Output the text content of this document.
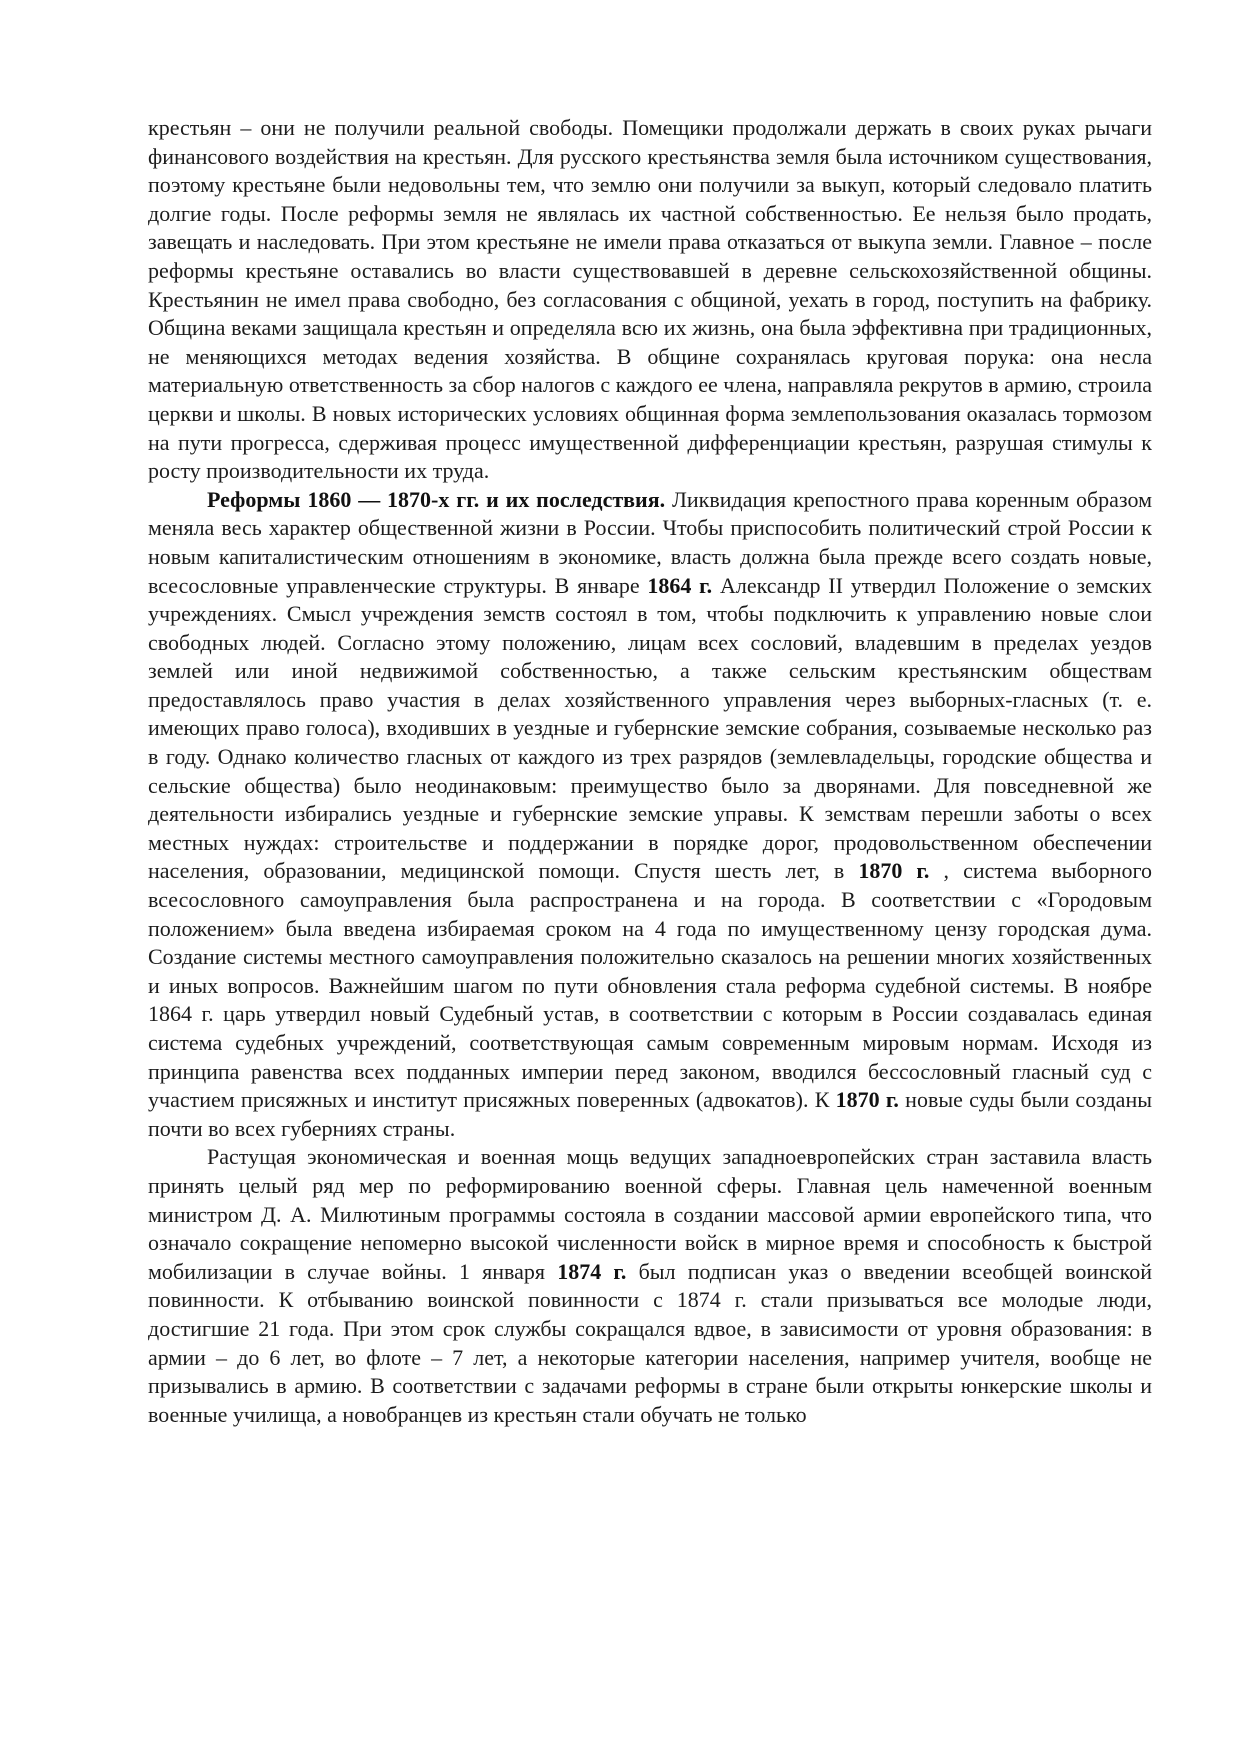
крестьян – они не получили реальной свободы. Помещики продолжали держать в своих руках рычаги финансового воздействия на крестьян. Для русского крестьянства земля была источником существования, поэтому крестьяне были недовольны тем, что землю они получили за выкуп, который следовало платить долгие годы. После реформы земля не являлась их частной собственностью. Ее нельзя было продать, завещать и наследовать. При этом крестьяне не имели права отказаться от выкупа земли. Главное – после реформы крестьяне оставались во власти существовавшей в деревне сельскохозяйственной общины. Крестьянин не имел права свободно, без согласования с общиной, уехать в город, поступить на фабрику. Община веками защищала крестьян и определяла всю их жизнь, она была эффективна при традиционных, не меняющихся методах ведения хозяйства. В общине сохранялась круговая порука: она несла материальную ответственность за сбор налогов с каждого ее члена, направляла рекрутов в армию, строила церкви и школы. В новых исторических условиях общинная форма землепользования оказалась тормозом на пути прогресса, сдерживая процесс имущественной дифференциации крестьян, разрушая стимулы к росту производительности их труда.

Реформы 1860 — 1870-х гг. и их последствия. Ликвидация крепостного права коренным образом меняла весь характер общественной жизни в России. Чтобы приспособить политический строй России к новым капиталистическим отношениям в экономике, власть должна была прежде всего создать новые, всесословные управленческие структуры. В январе 1864 г. Александр II утвердил Положение о земских учреждениях. Смысл учреждения земств состоял в том, чтобы подключить к управлению новые слои свободных людей. Согласно этому положению, лицам всех сословий, владевшим в пределах уездов землей или иной недвижимой собственностью, а также сельским крестьянским обществам предоставлялось право участия в делах хозяйственного управления через выборных-гласных (т. е. имеющих право голоса), входивших в уездные и губернские земские собрания, созываемые несколько раз в году. Однако количество гласных от каждого из трех разрядов (землевладельцы, городские общества и сельские общества) было неодинаковым: преимущество было за дворянами. Для повседневной же деятельности избирались уездные и губернские земские управы. К земствам перешли заботы о всех местных нуждах: строительстве и поддержании в порядке дорог, продовольственном обеспечении населения, образовании, медицинской помощи. Спустя шесть лет, в 1870 г. , система выборного всесословного самоуправления была распространена и на города. В соответствии с «Городовым положением» была введена избираемая сроком на 4 года по имущественному цензу городская дума. Создание системы местного самоуправления положительно сказалось на решении многих хозяйственных и иных вопросов. Важнейшим шагом по пути обновления стала реформа судебной системы. В ноябре 1864 г. царь утвердил новый Судебный устав, в соответствии с которым в России создавалась единая система судебных учреждений, соответствующая самым современным мировым нормам. Исходя из принципа равенства всех подданных империи перед законом, вводился бессословный гласный суд с участием присяжных и институт присяжных поверенных (адвокатов). К 1870 г. новые суды были созданы почти во всех губерниях страны.

Растущая экономическая и военная мощь ведущих западноевропейских стран заставила власть принять целый ряд мер по реформированию военной сферы. Главная цель намеченной военным министром Д. А. Милютиным программы состояла в создании массовой армии европейского типа, что означало сокращение непомерно высокой численности войск в мирное время и способность к быстрой мобилизации в случае войны. 1 января 1874 г. был подписан указ о введении всеобщей воинской повинности. К отбыванию воинской повинности с 1874 г. стали призываться все молодые люди, достигшие 21 года. При этом срок службы сокращался вдвое, в зависимости от уровня образования: в армии – до 6 лет, во флоте – 7 лет, а некоторые категории населения, например учителя, вообще не призывались в армию. В соответствии с задачами реформы в стране были открыты юнкерские школы и военные училища, а новобранцев из крестьян стали обучать не только
